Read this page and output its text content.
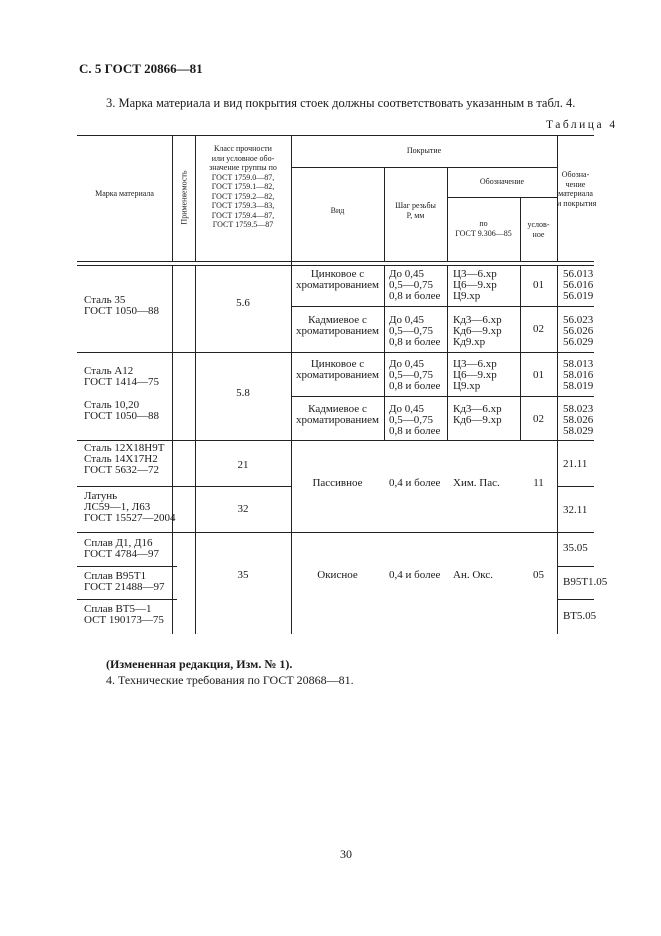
С. 5 ГОСТ 20866—81
3. Марка материала и вид покрытия стоек должны соответствовать указанным в табл. 4.
Таблица 4
Марка материала	Применяемость
Класс прочности
или условное обо-
значение группы по
ГОСТ 1759.0—87,
ГОСТ 1759.1—82,
ГОСТ 1759.2—82,
ГОСТ 1759.3—83,
ГОСТ 1759.4—87,
ГОСТ 1759.5—87
Покрытие
Вид
Шаг резьбы
P, мм
Обозначение
по
ГОСТ 9.306—85
услов-
ное
Обозна-
чение
материала
и покрытия
Сталь 35
ГОСТ 1050—88
Сталь А12
ГОСТ 1414—75
Сталь 10,20
ГОСТ 1050—88
Сталь 12Х18Н9Т
Сталь 14Х17Н2
ГОСТ 5632—72
Латунь
ЛС59—1, Л63
ГОСТ 15527—2004
Сплав Д1, Д16
ГОСТ 4784—97
Сплав В95Т1
ГОСТ 21488—97
Сплав ВТ5—1
ОСТ 190173—75
5.6
5.8
21
32
35
Цинковое с
хроматированием
Кадмиевое с
хроматированием
Цинковое с
хроматированием
Кадмиевое с
хроматированием
Пассивное
Окисное
До 0,45
0,5—0,75
0,8 и более
До 0,45
0,5—0,75
0,8 и более
До 0,45
0,5—0,75
0,8 и более
До 0,45
0,5—0,75
0,8 и более
0,4 и более
0,4 и более
Ц3—6.хр
Ц6—9.хр
Ц9.хр
Кд3—6.хр
Кд6—9.хр
Кд9.хр
Ц3—6.хр
Ц6—9.хр
Ц9.хр
Кд3—6.хр
Кд6—9.хр
Хим. Пас.
Ан. Окс.
01
02
01
02
11
05
56.013
56.016
56.019
56.023
56.026
56.029
58.013
58.016
58.019
58.023
58.026
58.029
21.11
32.11
35.05
В95Т1.05
ВТ5.05
(Измененная редакция, Изм. № 1).
4. Технические требования по ГОСТ 20868—81.
30
